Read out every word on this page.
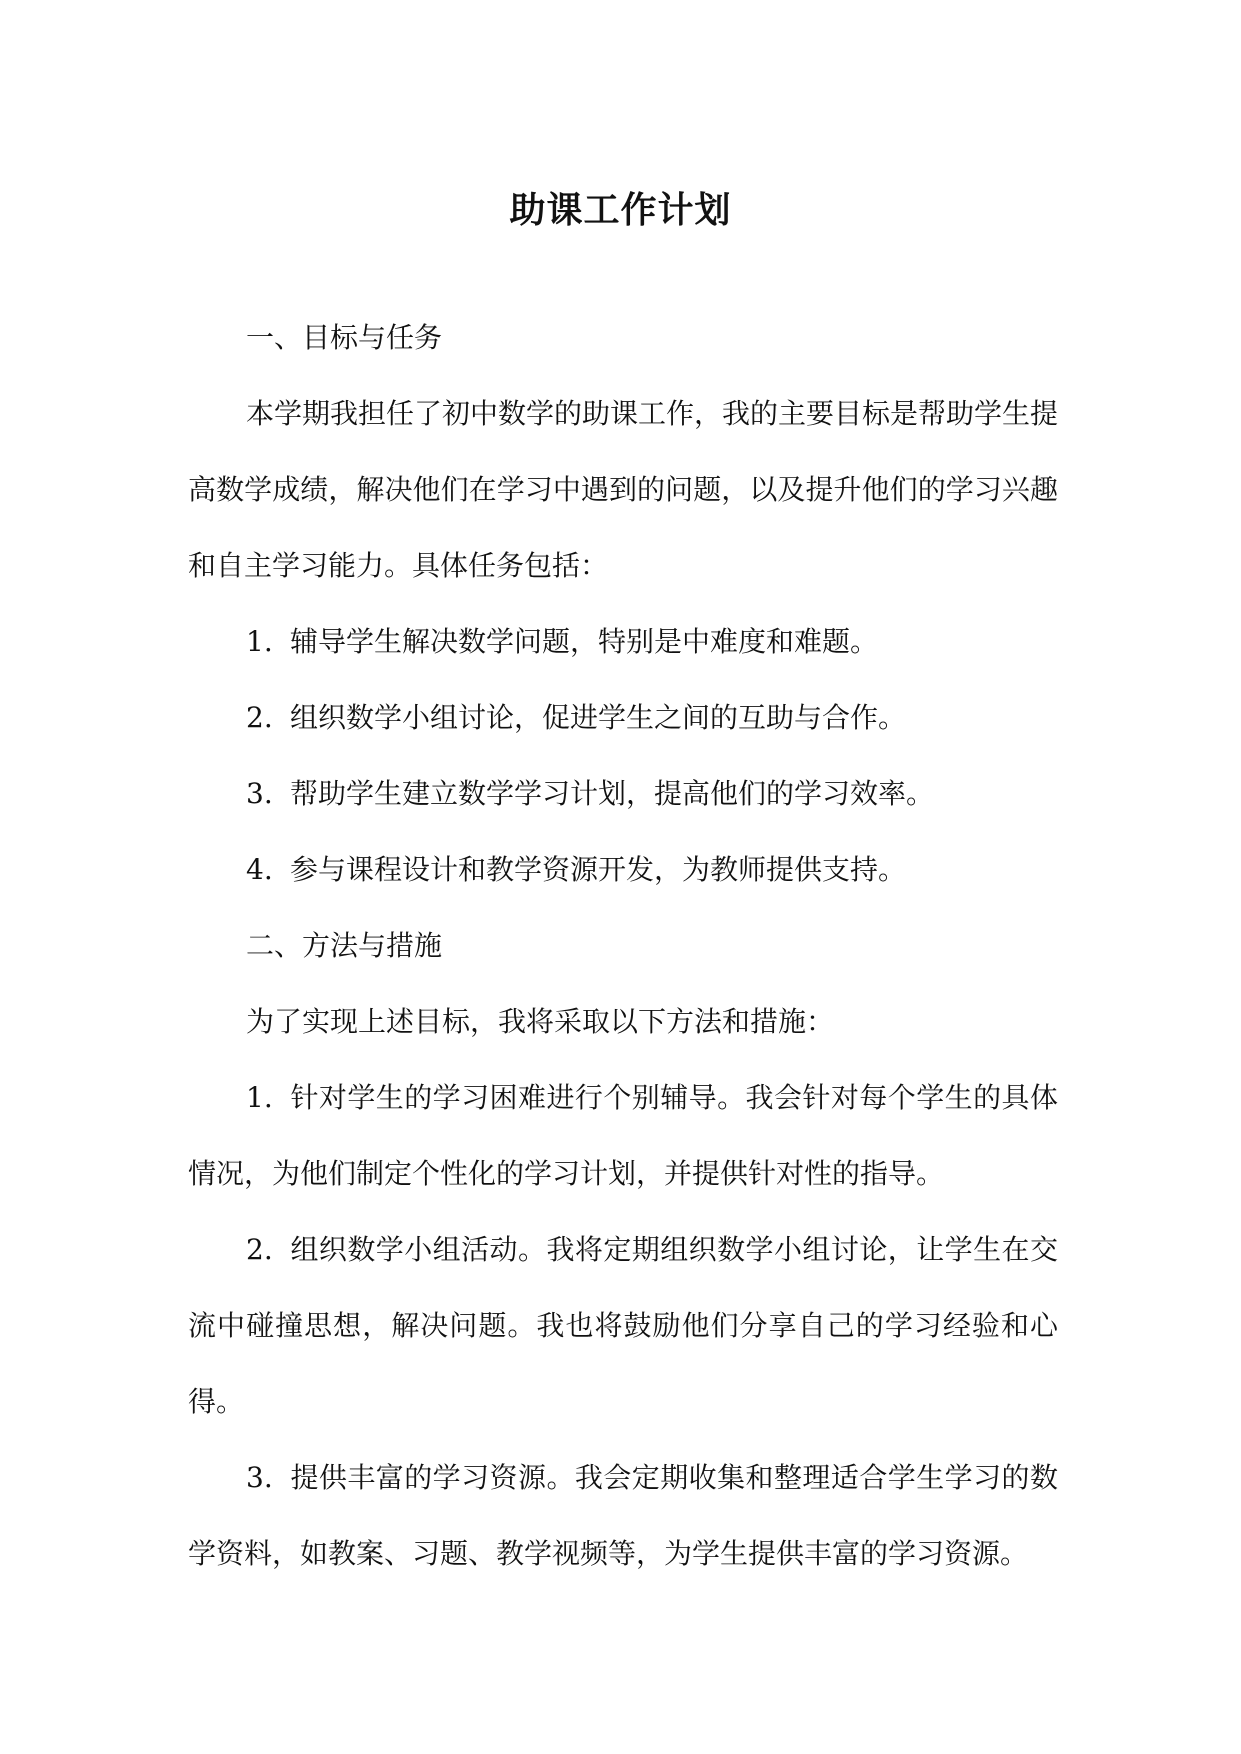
助课工作计划

一、目标与任务

本学期我担任了初中数学的助课工作，我的主要目标是帮助学生提高数学成绩，解决他们在学习中遇到的问题，以及提升他们的学习兴趣和自主学习能力。具体任务包括：

1. 辅导学生解决数学问题，特别是中难度和难题。

2. 组织数学小组讨论，促进学生之间的互助与合作。

3. 帮助学生建立数学学习计划，提高他们的学习效率。

4. 参与课程设计和教学资源开发，为教师提供支持。

二、方法与措施

为了实现上述目标，我将采取以下方法和措施：

1. 针对学生的学习困难进行个别辅导。我会针对每个学生的具体情况，为他们制定个性化的学习计划，并提供针对性的指导。

2. 组织数学小组活动。我将定期组织数学小组讨论，让学生在交流中碰撞思想，解决问题。我也将鼓励他们分享自己的学习经验和心得。

3. 提供丰富的学习资源。我会定期收集和整理适合学生学习的数学资料，如教案、习题、教学视频等，为学生提供丰富的学习资源。
